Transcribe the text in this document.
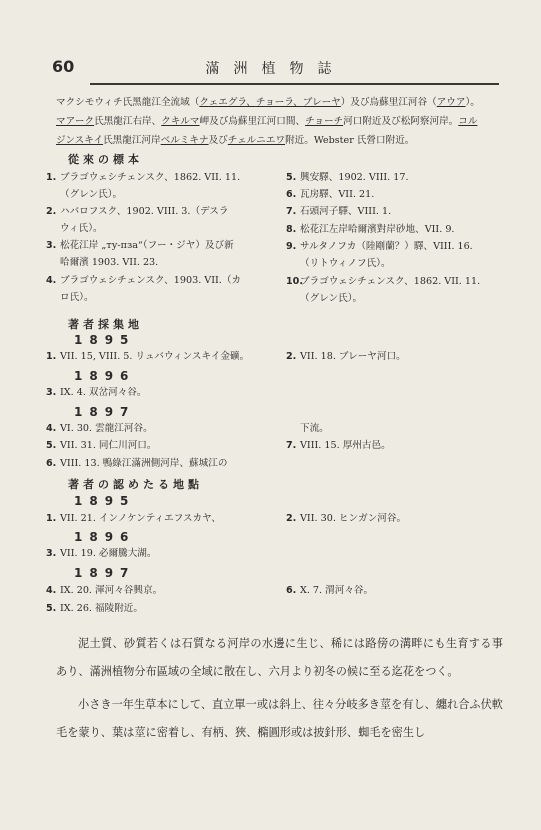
60	滿洲植物誌

マクシモウィチ氏黑龍江全流域（クェエグラ、チョーラ、ブレーヤ）及び烏蘇里江河谷（アウア）。

マアーク氏黑龍江右岸、クキルマ岬及び烏蘇里江河口間、チョーチ河口附近及び松阿察河岸。コル

ジンスキイ氏黑龍江河岸ベルミキナ及びチェルニエワ附近。Webster 氏營口附近。

從來の標本
1. ブラゴウェシチェンスク、1862. VII. 11.
（グレン氏）。
2. ハバロフスク、1902. VIII. 3.（デスラ
ウィ氏）。
3. 松花江岸 „ту-пза“（フー・ジヤ）及び新
哈爾濱 1903. VII. 23.
4. ブラゴウェシチェンスク、1903. VII.（カ
ロ氏）。
5. 興安驛、1902. VIII. 17.
6. 瓦房驛、VII. 21.
7. 石頭河子驛、VIII. 1.
8. 松花江左岸哈爾濱對岸砂地、VII. 9.
9. サルタノフカ（陸剛蘭？）驛、VIII. 16.
（リトウィノフ氏）。
10.
ブラゴウェシチェンスク、1862. VII. 11.
（グレン氏）。
著者採集地
1895
1. VII. 15, VIII. 5. リュバウィンスキイ金礦。	2. VII. 18. ブレーヤ河口。
1896
3. IX. 4. 双岔河々谷。
1897
4. VI. 30. 雲龍江河谷。
5. VII. 31. 同仁川河口。
6. VIII. 13. 鴨綠江滿洲側河岸、蘇城江の
下流。
7. VIII. 15. 厚州古邑。
著者の認めたる地點
1895
1. VII. 21. インノケンティエフスカヤ、	2. VII. 30. ヒンガン河谷。
1896
3. VII. 19. 必爾騰大湖。
1897
4. IX. 20. 渾河々谷興京。
5. IX. 26. 福陵附近。
6. X. 7. 渭河々谷。

泥土質、砂質若くは石質なる河岸の水邊に生じ、稀には路傍の溝畔にも生育する事あり、滿洲植物分布區域の全域に散在し、六月より初冬の候に至る迄花をつく。

小さき一年生草本にして、直立單一或は斜上、往々分岐多き莖を有し、纏れ合ふ伏軟毛を蒙り、葉は莖に密着し、有柄、狹、橢圓形或は披針形、蜘毛を密生し
